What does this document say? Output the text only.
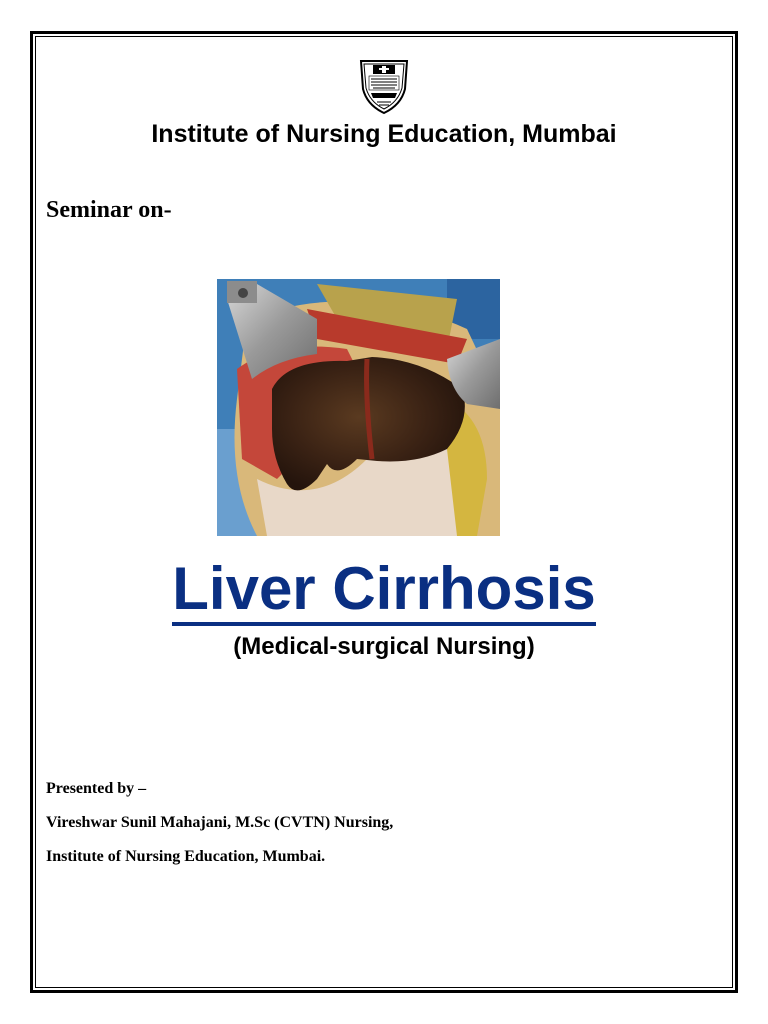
Institute of Nursing Education, Mumbai
Seminar on-
Liver Cirrhosis
(Medical-surgical Nursing)
Presented by –
Vireshwar Sunil Mahajani, M.Sc (CVTN) Nursing,
Institute of Nursing Education, Mumbai.
